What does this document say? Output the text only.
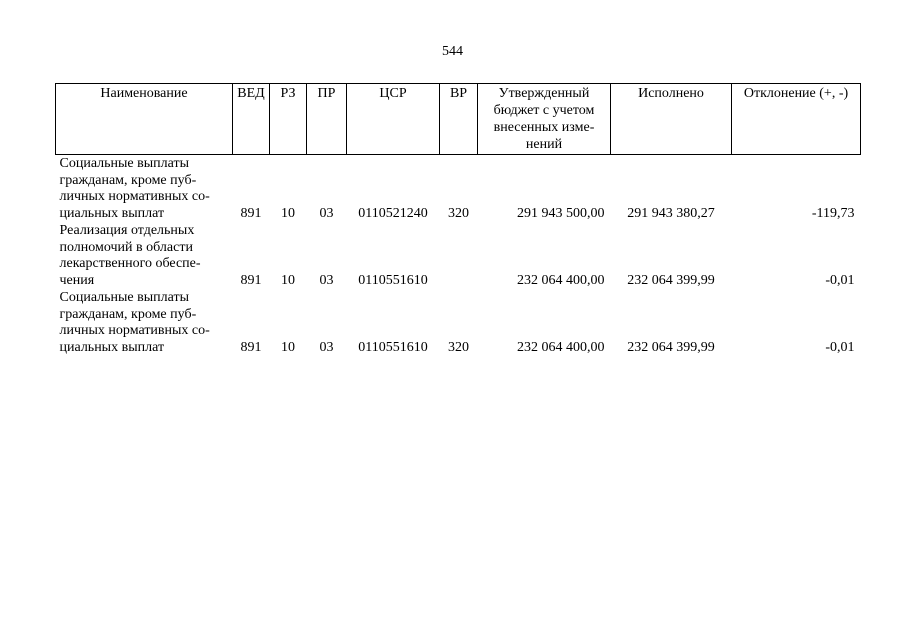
544
Наименование	ВЕД	РЗ	ПР	ЦСР	ВР	Утвержденный бюджет с учетом внесенных изме-нений	Исполнено	Отклонение (+, -)
Социальные выплаты
гражданам, кроме пуб-
личных нормативных со-
циальных выплат	891	10	03	0110521240	320	291 943 500,00	291 943 380,27	-119,73
Реализация отдельных
полномочий в области
лекарственного обеспе-
чения	891	10	03	0110551610		232 064 400,00	232 064 399,99	-0,01
Социальные выплаты
гражданам, кроме пуб-
личных нормативных со-
циальных выплат	891	10	03	0110551610	320	232 064 400,00	232 064 399,99	-0,01
